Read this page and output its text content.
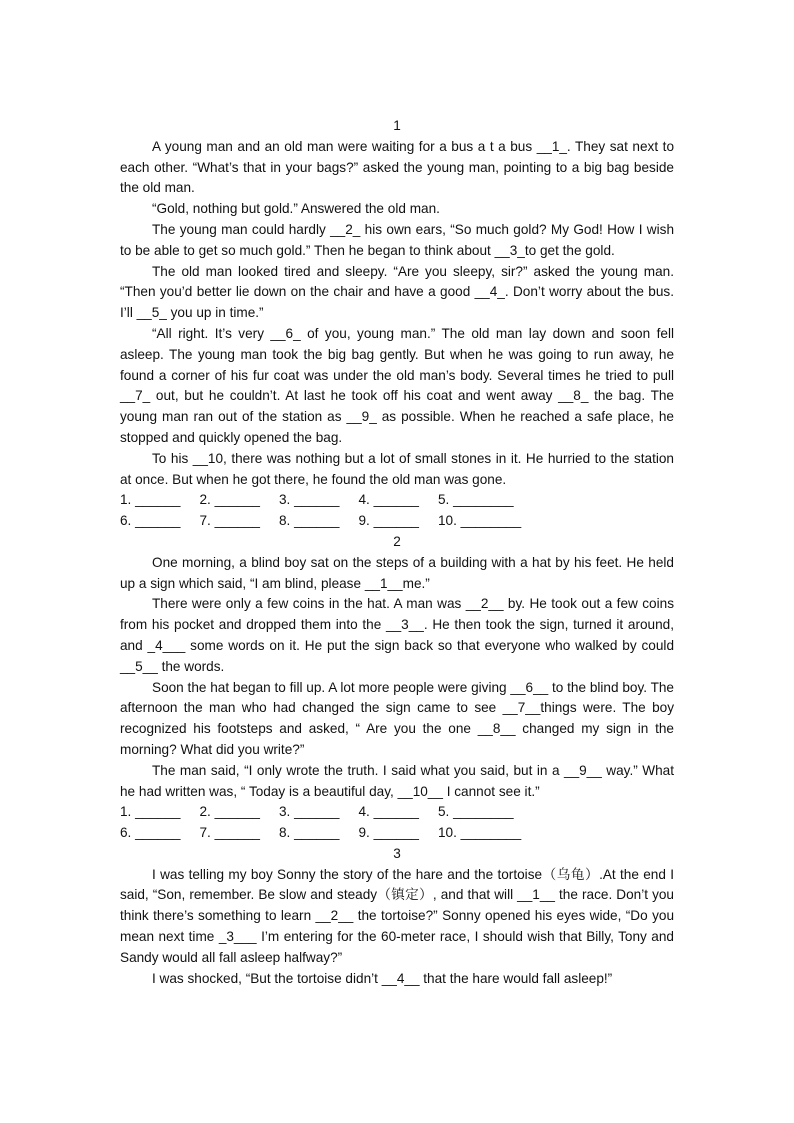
1

A young man and an old man were waiting for a bus a t a bus __1_. They sat next to each other. “What’s that in your bags?” asked the young man, pointing to a big bag beside the old man.

“Gold, nothing but gold.” Answered the old man.

The young man could hardly __2_ his own ears, “So much gold? My God! How I wish to be able to get so much gold.” Then he began to think about __3_to get the gold.

The old man looked tired and sleepy. “Are you sleepy, sir?” asked the young man. “Then you’d better lie down on the chair and have a good __4_. Don’t worry about the bus. I’ll __5_ you up in time.”

“All right. It’s very __6_ of you, young man.” The old man lay down and soon fell asleep. The young man took the big bag gently. But when he was going to run away, he found a corner of his fur coat was under the old man’s body. Several times he tried to pull __7_ out, but he couldn’t. At last he took off his coat and went away __8_ the bag. The young man ran out of the station as __9_ as possible. When he reached a safe place, he stopped and quickly opened the bag.

To his __10, there was nothing but a lot of small stones in it. He hurried to the station at once. But when he got there, he found the old man was gone.

1. ______	2. ______	3. ______	4. ______	5. ________
6. ______	7. ______	8. ______	9. ______	10. ________
2

One morning, a blind boy sat on the steps of a building with a hat by his feet. He held up a sign which said, “I am blind, please __1__me.”

There were only a few coins in the hat. A man was __2__ by. He took out a few coins from his pocket and dropped them into the __3__. He then took the sign, turned it around, and _4___ some words on it. He put the sign back so that everyone who walked by could __5__ the words.

Soon the hat began to fill up. A lot more people were giving __6__ to the blind boy. The afternoon the man who had changed the sign came to see __7__things were. The boy recognized his footsteps and asked, “ Are you the one __8__ changed my sign in the morning? What did you write?”

The man said, “I only wrote the truth. I said what you said, but in a __9__ way.” What he had written was, “ Today is a beautiful day, __10__ I cannot see it.”

1. ______	2. ______	3. ______	4. ______	5. ________
6. ______	7. ______	8. ______	9. ______	10. ________
3

I was telling my boy Sonny the story of the hare and the tortoise（乌龟）.At the end I said, “Son, remember. Be slow and steady（镇定）, and that will __1__ the race. Don’t you think there’s something to learn __2__ the tortoise?” Sonny opened his eyes wide, “Do you mean next time _3___ I’m entering for the 60-meter race, I should wish that Billy, Tony and Sandy would all fall asleep halfway?”

I was shocked, “But the tortoise didn’t __4__ that the hare would fall asleep!”
